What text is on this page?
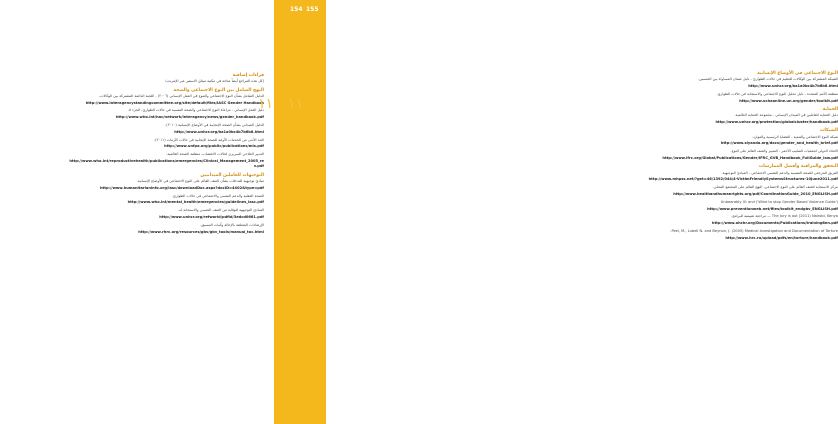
قراءات إضافية
(كل هذه المراجع أيضاً متاحة في مكتبة ميثاق الاسفير عبر الإنترنت)
النهج الشامل بين النوع الاجتماعي والصحة
الدليل الشامل بشأن النوع الاجتماعي والتنوع في العمل الإنساني (٢٠٠٦) - اللجنة الدائمة المشتركة بين الوكالات.
http://www.interagencystandingcommittee.org/site/default/files/IASC Gender Handbook
دليل العمل الإنساني - مراعاة النوع الاجتماعي والصحة النفسية في حالات الطوارئ، الجزء ٥.
http://www.who.int/hac/network/interagency/news/gender_handbook.pdf
الدليل الميداني بشأن الصحة الإنجابية في الأوضاع الإنسانية (٢٠١٠).
http://www.unhcr.org/ba1a0bc4b7b6b8.html
الحد الأدنى من الخدمات الأولية للصحة الإنجابية في حالات الأزمات (٢٠١١).
http://www.unfpa.org/public/publications/mis.pdf
التدبير العلاجي السريري لحالات الاغتصاب، منظمة الصحة العالمية.
http://www.who.int/reproductivehealth/publications/emergencies/Clinical_Management_2005_rev.pdf
التوجيهات للعاملين الميدانيين
مبادئ توجيهية للتدخلات بشأن العنف القائم على النوع الاجتماعي في الأوضاع الإنسانية.
http://www.humanitarianinfo.org/iasc/downloadDoc.aspx?docID=4402&type=pdf
الصحة العقلية والدعم النفسي والاجتماعي في حالات الطوارئ.
http://www.who.int/mental_health/emergencies/guidelines_iasc.pdf
المبادئ التوجيهية للوقاية من العنف الجنسي والاستجابة له.
http://www.unhcr.org/refworld/pdfid/3edcd0661.pdf
الإرشادات المتعلقة بالإحالة وآليات التنسيق.
http://www.rhrc.org/resources/gbv/gbv_tools/manual_toc.html
النوع الاجتماعي في الأوضاع الإنسانية
الشبكة المشتركة بين الوكالات للتعليم في حالات الطوارئ - دليل ضمان المساواة بين الجنسين.
http://www.unhcr.org/ba1a0bc4b7b6b8.html
منظمة الأمم المتحدة - دليل تحليل النوع الاجتماعي والاستجابة في حالات الطوارئ.
http://www.ochaonline.un.org/gender/toolkit.pdf
الحماية
دليل الحماية للعاملين في الميدان الإنساني - مجموعة الحماية العالمية.
http://www.unhcr.org/protection/globalcluster/handbook.pdf
الشبكات
شبكة النوع الاجتماعي والتنمية - القضايا الرئيسية والموارد.
http://www.siyanda.org/docs/gender_and_health_brief.pdf
الاتحاد الدولي لجمعيات الصليب الأحمر - التمييز والعنف القائم على النوع.
http://www.ifrc.org/Global/Publications/Gender/IFRC_GVB_Handbook_FullGuide_low.pdf
التحقق والمراقبة وأفضل الممارسات
الفريق المرجعي للصحة النفسية والدعم النفسي الاجتماعي - المبادئ التوجيهية.
http://www.mhpss.net/?get=46/1392/044/4-VictimFriendlySystemsStructures-10June2011.pdf
مركز الاستجابة للعنف القائم على النوع الاجتماعي، النهج القائم على المجتمع المحلي.
http://www.healthandhumanrights.org/pdf/CoordinationGuide_2010_ENGLISH.pdf
Unbearably Ill: and ('Wine to stop Gender Based Violence Guide')
http://www.preventionweb.net/files/toolkit_endgbv_ENGLISH.pdf
The Jury is out (2011) Nairobi, Kenya — مراجعة تقييمية للبرامج.
http://www.ohchr.org/Documents/Publications/training8en.pdf
Peel, M., Lubell N. and Beynon, J. (2005) Medical Investigation and Documentation of Torture.
http://www.hrc.ru/upload/pdfs/en/torture/handbook.pdf
154 155
١١ ١١
